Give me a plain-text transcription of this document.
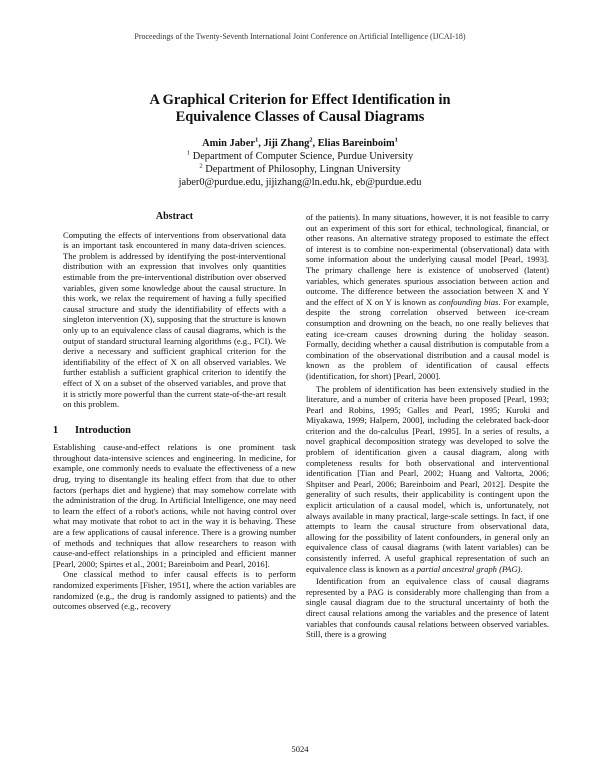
Proceedings of the Twenty-Seventh International Joint Conference on Artificial Intelligence (IJCAI-18)
A Graphical Criterion for Effect Identification in
Equivalence Classes of Causal Diagrams
Amin Jaber$^1$, Jiji Zhang$^2$, Elias Bareinboim$^1$
$^1$ Department of Computer Science, Purdue University
$^2$ Department of Philosophy, Lingnan University
jaber0@purdue.edu, jijizhang@ln.edu.hk, eb@purdue.edu
Abstract

Computing the effects of interventions from observational data is an important task encountered in many data-driven sciences. The problem is addressed by identifying the post-interventional distribution with an expression that involves only quantities estimable from the pre-interventional distribution over observed variables, given some knowledge about the causal structure. In this work, we relax the requirement of having a fully specified causal structure and study the identifiability of effects with a singleton intervention (X), supposing that the structure is known only up to an equivalence class of causal diagrams, which is the output of standard structural learning algorithms (e.g., FCI). We derive a necessary and sufficient graphical criterion for the identifiability of the effect of X on all observed variables. We further establish a sufficient graphical criterion to identify the effect of X on a subset of the observed variables, and prove that it is strictly more powerful than the current state-of-the-art result on this problem.

1 Introduction

Establishing cause-and-effect relations is one prominent task throughout data-intensive sciences and engineering. In medicine, for example, one commonly needs to evaluate the effectiveness of a new drug, trying to disentangle its healing effect from that due to other factors (perhaps diet and hygiene) that may somehow correlate with the administration of the drug. In Artificial Intelligence, one may need to learn the effect of a robot's actions, while not having control over what may motivate that robot to act in the way it is behaving. These are a few applications of causal inference. There is a growing number of methods and techniques that allow researchers to reason with cause-and-effect relationships in a principled and efficient manner [Pearl, 2000; Spirtes et al., 2001; Bareinboim and Pearl, 2016].

One classical method to infer causal effects is to perform randomized experiments [Fisher, 1951], where the action variables are randomized (e.g., the drug is randomly assigned to patients) and the outcomes observed (e.g., recovery

of the patients). In many situations, however, it is not feasible to carry out an experiment of this sort for ethical, technological, financial, or other reasons. An alternative strategy proposed to estimate the effect of interest is to combine non-experimental (observational) data with some information about the underlying causal model [Pearl, 1993]. The primary challenge here is existence of unobserved (latent) variables, which generates spurious association between action and outcome. The difference between the association between X and Y and the effect of X on Y is known as confounding bias. For example, despite the strong correlation observed between ice-cream consumption and drowning on the beach, no one really believes that eating ice-cream causes drowning during the holiday season. Formally, deciding whether a causal distribution is computable from a combination of the observational distribution and a causal model is known as the problem of identification of causal effects (identification, for short) [Pearl, 2000].

The problem of identification has been extensively studied in the literature, and a number of criteria have been proposed [Pearl, 1993; Pearl and Robins, 1995; Galles and Pearl, 1995; Kuroki and Miyakawa, 1999; Halpern, 2000], including the celebrated back-door criterion and the do-calculus [Pearl, 1995]. In a series of results, a novel graphical decomposition strategy was developed to solve the problem of identification given a causal diagram, along with completeness results for both observational and interventional identification [Tian and Pearl, 2002; Huang and Valtorta, 2006; Shpitser and Pearl, 2006; Bareinboim and Pearl, 2012]. Despite the generality of such results, their applicability is contingent upon the explicit articulation of a causal model, which is, unfortunately, not always available in many practical, large-scale settings. In fact, if one attempts to learn the causal structure from observational data, allowing for the possibility of latent confounders, in general only an equivalence class of causal diagrams (with latent variables) can be consistently inferred. A useful graphical representation of such an equivalence class is known as a partial ancestral graph (PAG).

Identification from an equivalence class of causal diagrams represented by a PAG is considerably more challenging than from a single causal diagram due to the structural uncertainty of both the direct causal relations among the variables and the presence of latent variables that confounds causal relations between observed variables. Still, there is a growing

5024
